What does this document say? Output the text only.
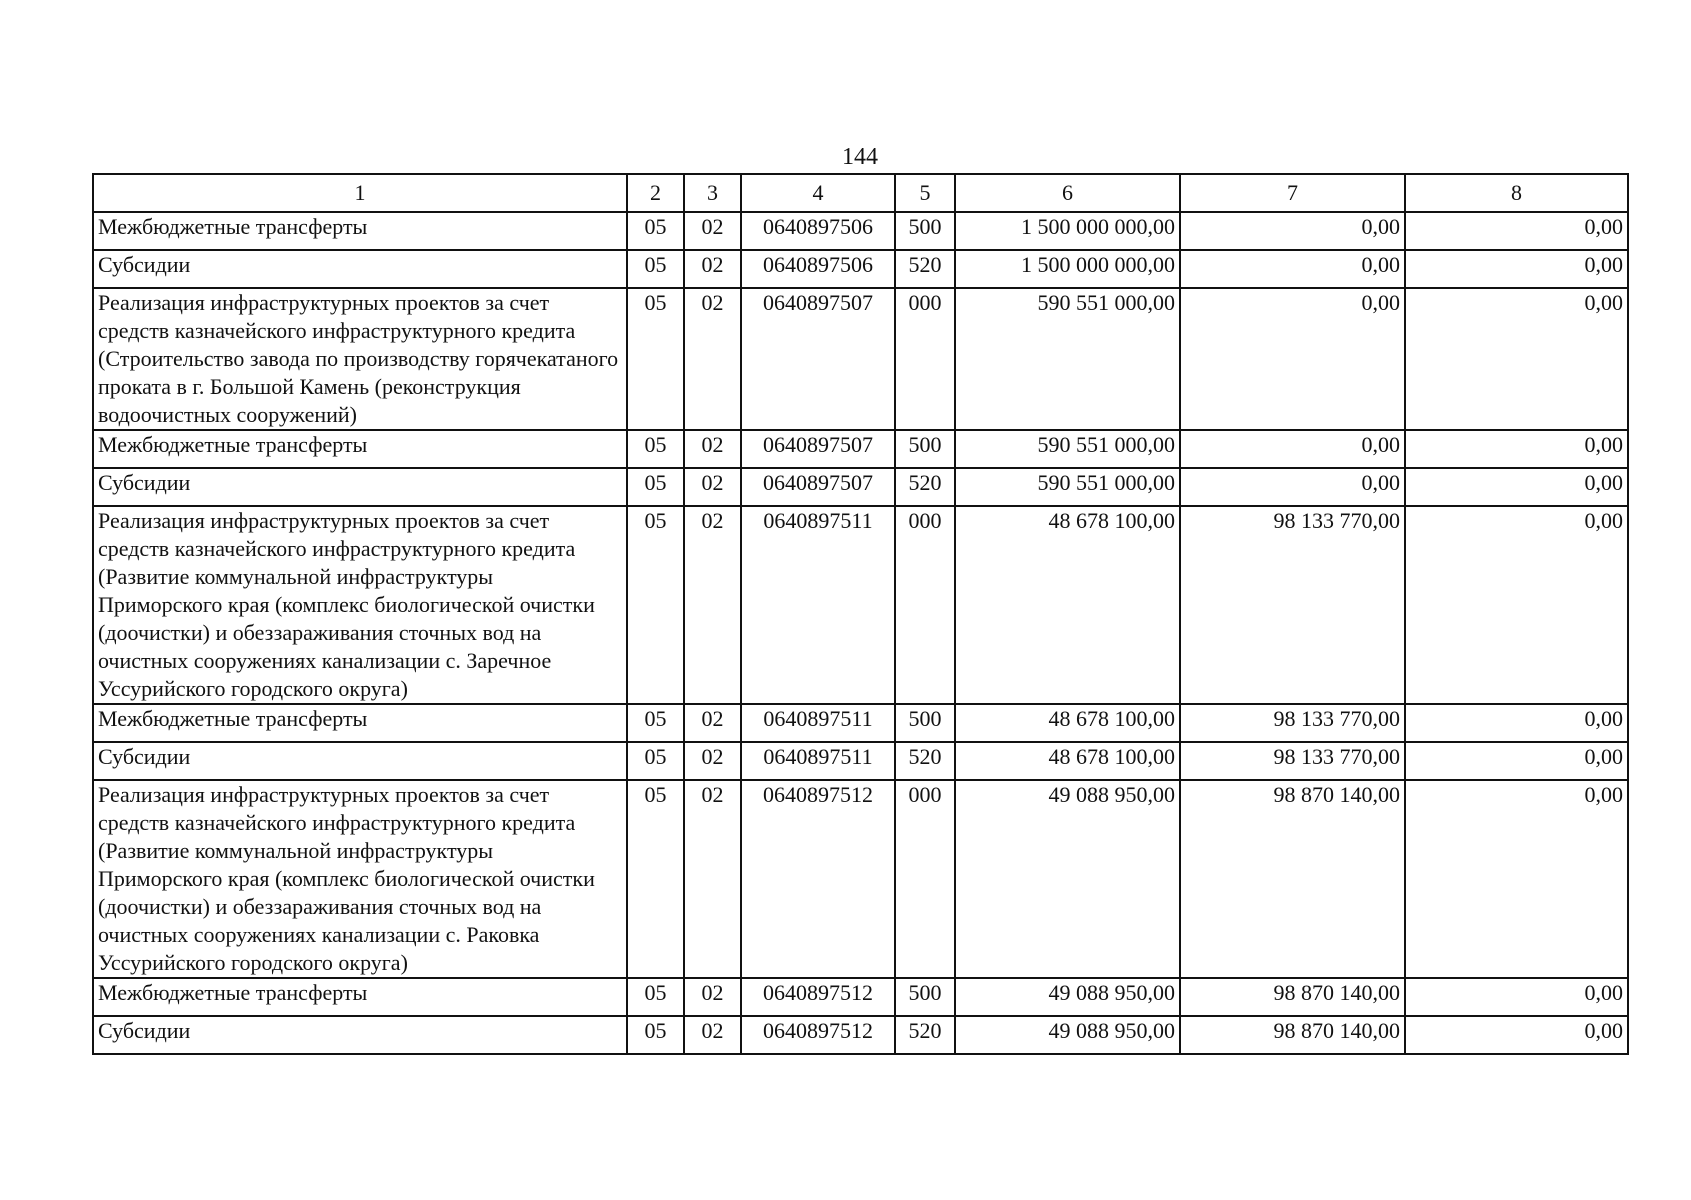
144
1	2	3	4	5	6	7	8
Межбюджетные трансферты	05	02	0640897506	500	1 500 000 000,00	0,00	0,00
Субсидии	05	02	0640897506	520	1 500 000 000,00	0,00	0,00
Реализация инфраструктурных проектов за счет средств казначейского инфраструктурного кредита (Строительство завода по производству горячекатаного проката в г. Большой Камень (реконструкция водоочистных сооружений)	05	02	0640897507	000	590 551 000,00	0,00	0,00
Межбюджетные трансферты	05	02	0640897507	500	590 551 000,00	0,00	0,00
Субсидии	05	02	0640897507	520	590 551 000,00	0,00	0,00
Реализация инфраструктурных проектов за счет средств казначейского инфраструктурного кредита (Развитие коммунальной инфраструктуры Приморского края (комплекс биологической очистки (доочистки) и обеззараживания сточных вод на очистных сооружениях канализации с. Заречное Уссурийского городского округа)	05	02	0640897511	000	48 678 100,00	98 133 770,00	0,00
Межбюджетные трансферты	05	02	0640897511	500	48 678 100,00	98 133 770,00	0,00
Субсидии	05	02	0640897511	520	48 678 100,00	98 133 770,00	0,00
Реализация инфраструктурных проектов за счет средств казначейского инфраструктурного кредита (Развитие коммунальной инфраструктуры Приморского края (комплекс биологической очистки (доочистки) и обеззараживания сточных вод на очистных сооружениях канализации с. Раковка Уссурийского городского округа)	05	02	0640897512	000	49 088 950,00	98 870 140,00	0,00
Межбюджетные трансферты	05	02	0640897512	500	49 088 950,00	98 870 140,00	0,00
Субсидии	05	02	0640897512	520	49 088 950,00	98 870 140,00	0,00
